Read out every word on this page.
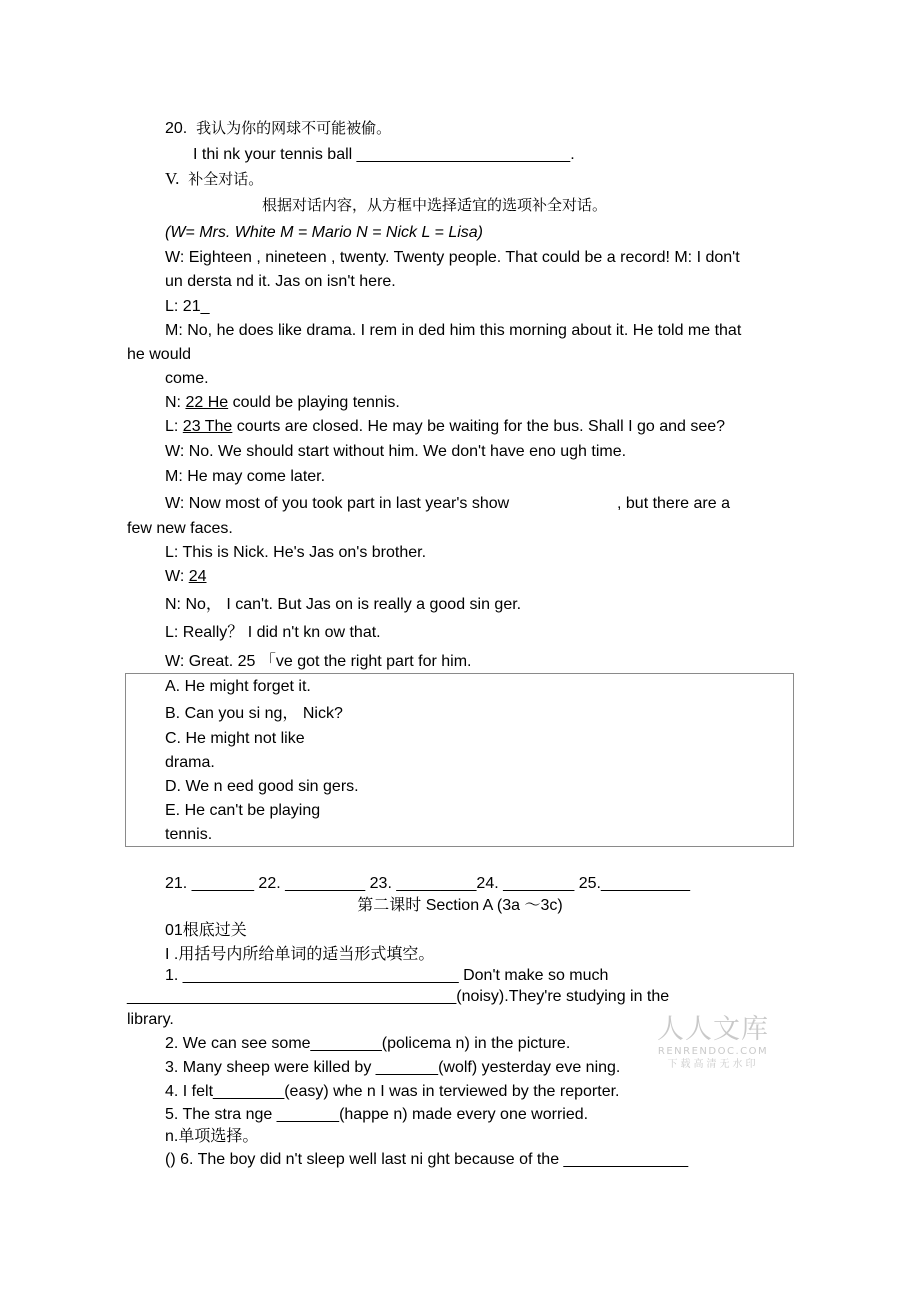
20. 我认为你的网球不可能被偷。
I thi nk your tennis ball ________________________.
V. 补全对话。
根据对话内容，从方框中选择适宜的选项补全对话。
(W= Mrs. White M = Mario N = Nick L = Lisa)
W: Eighteen , nineteen , twenty. Twenty people. That could be a record! M: I don't
un dersta nd it. Jas on isn't here.
L: 21_
M: No, he does like drama. I rem in ded him this morning about it. He told me that
he would
come.
N: 22 He could be playing tennis.
L: 23 The courts are closed. He may be waiting for the bus. Shall I go and see?
W: No. We should start without him. We don't have eno ugh time.
M: He may come later.
W: Now most of you took part in last year's show	, but there are a
few new faces.
L: This is Nick. He's Jas on's brother.
W: 24
N: No， I can't. But Jas on is really a good sin ger.
L: Really？ I did n't kn ow that.
W: Great. 25 「ve got the right part for him.
A. He might forget it.
B. Can you si ng， Nick?
C. He might not like
drama.
D. We n eed good sin gers.
E. He can't be playing
tennis.
21. _______ 22. _________ 23. _________24. ________ 25.__________
第二课时 Section A (3a ～3c)
01根底过关
I .用括号内所给单词的适当形式填空。
1. _______________________________ Don't make so much
_____________________________________(noisy).They're studying in the
library.
2. We can see some________(policema n) in the picture.
3. Many sheep were killed by _______(wolf) yesterday eve ning.
4. I felt________(easy) whe n I was in terviewed by the reporter.
5. The stra nge _______(happe n) made every one worried.
n.单项选择。
() 6. The boy did n't sleep well last ni ght because of the ______________
人人文库
RENRENDOC.COM
下载高清无水印
